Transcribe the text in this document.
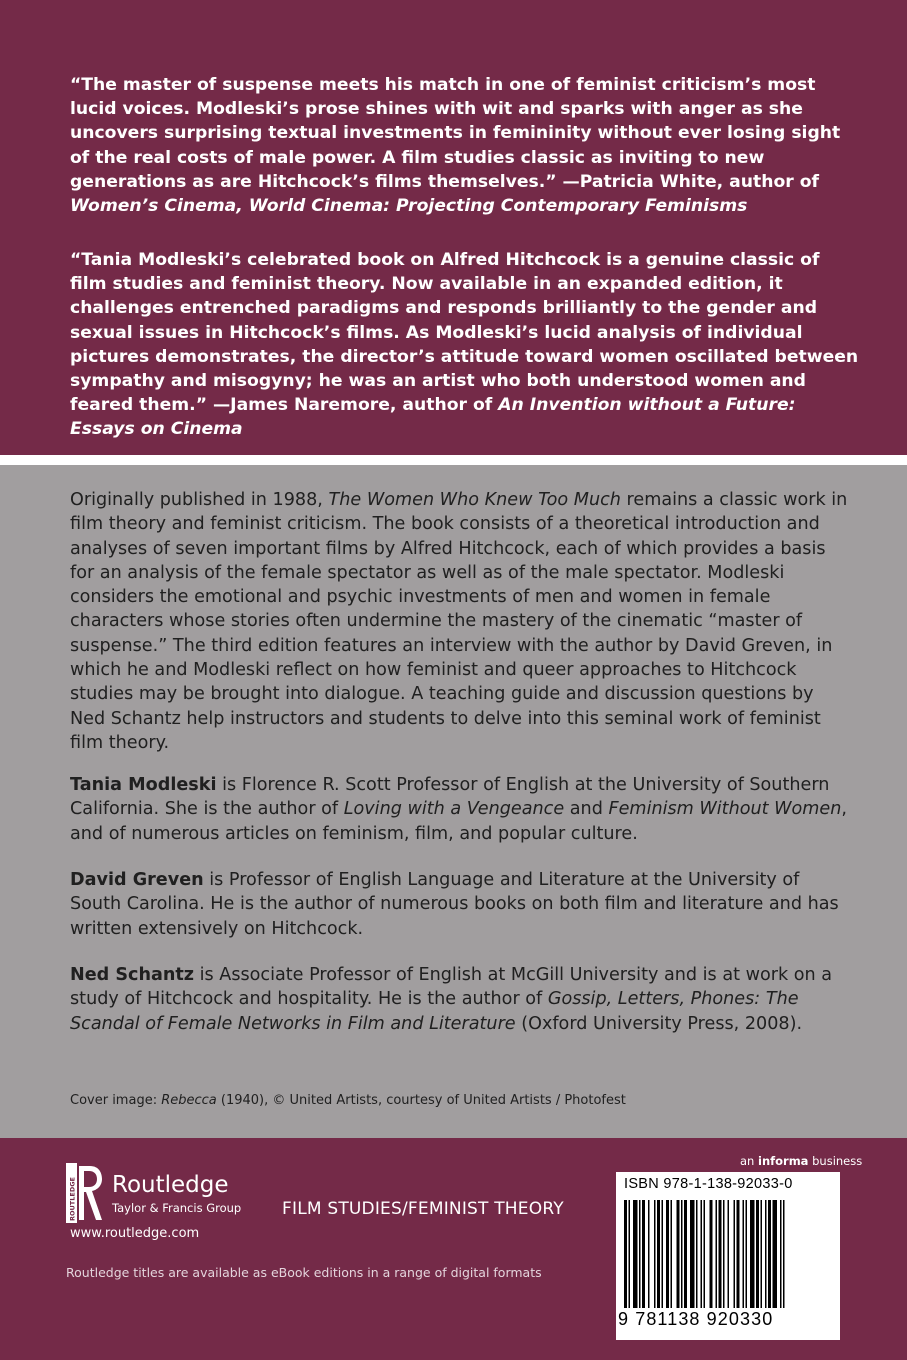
“The master of suspense meets his match in one of feminist criticism’s most lucid voices. Modleski’s prose shines with wit and sparks with anger as she uncovers surprising textual investments in femininity without ever losing sight of the real costs of male power. A film studies classic as inviting to new generations as are Hitchcock’s films themselves.” —Patricia White, author of Women’s Cinema, World Cinema: Projecting Contemporary Feminisms

“Tania Modleski’s celebrated book on Alfred Hitchcock is a genuine classic of film studies and feminist theory. Now available in an expanded edition, it challenges entrenched paradigms and responds brilliantly to the gender and sexual issues in Hitchcock’s films. As Modleski’s lucid analysis of individual pictures demonstrates, the director’s attitude toward women oscillated between sympathy and misogyny; he was an artist who both understood women and feared them.” —James Naremore, author of An Invention without a Future: Essays on Cinema

Originally published in 1988, The Women Who Knew Too Much remains a classic work in film theory and feminist criticism. The book consists of a theoretical introduction and analyses of seven important films by Alfred Hitchcock, each of which provides a basis for an analysis of the female spectator as well as of the male spectator. Modleski considers the emotional and psychic investments of men and women in female characters whose stories often undermine the mastery of the cinematic “master of suspense.” The third edition features an interview with the author by David Greven, in which he and Modleski reflect on how feminist and queer approaches to Hitchcock studies may be brought into dialogue. A teaching guide and discussion questions by Ned Schantz help instructors and students to delve into this seminal work of feminist film theory.

Tania Modleski is Florence R. Scott Professor of English at the University of Southern California. She is the author of Loving with a Vengeance and Feminism Without Women, and of numerous articles on feminism, film, and popular culture.

David Greven is Professor of English Language and Literature at the University of South Carolina. He is the author of numerous books on both film and literature and has written extensively on Hitchcock.

Ned Schantz is Associate Professor of English at McGill University and is at work on a study of Hitchcock and hospitality. He is the author of Gossip, Letters, Phones: The Scandal of Female Networks in Film and Literature (Oxford University Press, 2008).

Cover image: Rebecca (1940), © United Artists, courtesy of United Artists / Photofest
ROUTLEDGE Routledge
Taylor & Francis Group
www.routledge.com
FILM STUDIES/FEMINIST THEORY
Routledge titles are available as eBook editions in a range of digital formats
an informa business
ISBN 978-1-138-92033-0
9 781138 920330
